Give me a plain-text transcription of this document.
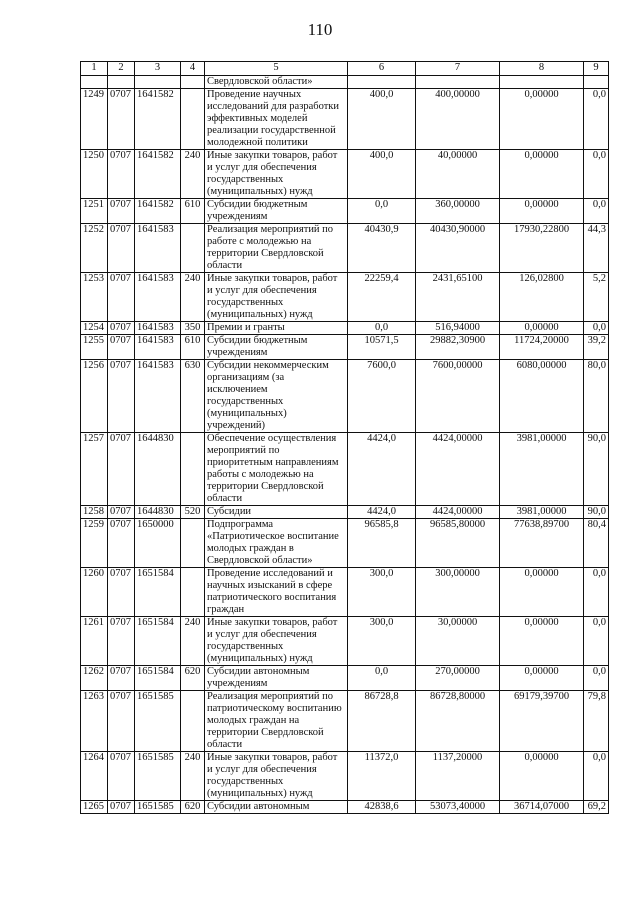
110
1	2	3	4	5	6	7	8	9
				Свердловской области»				
1249	0707	1641582		Проведение научных исследований для разработки эффективных моделей реализации государственной молодежной политики	400,0	400,00000	0,00000	0,0
1250	0707	1641582	240	Иные закупки товаров, работ и услуг для обеспечения государственных (муниципальных) нужд	400,0	40,00000	0,00000	0,0
1251	0707	1641582	610	Субсидии бюджетным учреждениям	0,0	360,00000	0,00000	0,0
1252	0707	1641583		Реализация мероприятий по работе с молодежью на территории Свердловской области	40430,9	40430,90000	17930,22800	44,3
1253	0707	1641583	240	Иные закупки товаров, работ и услуг для обеспечения государственных (муниципальных) нужд	22259,4	2431,65100	126,02800	5,2
1254	0707	1641583	350	Премии и гранты	0,0	516,94000	0,00000	0,0
1255	0707	1641583	610	Субсидии бюджетным учреждениям	10571,5	29882,30900	11724,20000	39,2
1256	0707	1641583	630	Субсидии некоммерческим организациям (за исключением государственных (муниципальных) учреждений)	7600,0	7600,00000	6080,00000	80,0
1257	0707	1644830		Обеспечение осуществления мероприятий по приоритетным направлениям работы с молодежью на территории Свердловской области	4424,0	4424,00000	3981,00000	90,0
1258	0707	1644830	520	Субсидии	4424,0	4424,00000	3981,00000	90,0
1259	0707	1650000		Подпрограмма «Патриотическое воспитание молодых граждан в Свердловской области»	96585,8	96585,80000	77638,89700	80,4
1260	0707	1651584		Проведение исследований и научных изысканий в сфере патриотического воспитания граждан	300,0	300,00000	0,00000	0,0
1261	0707	1651584	240	Иные закупки товаров, работ и услуг для обеспечения государственных (муниципальных) нужд	300,0	30,00000	0,00000	0,0
1262	0707	1651584	620	Субсидии автономным учреждениям	0,0	270,00000	0,00000	0,0
1263	0707	1651585		Реализация мероприятий по патриотическому воспитанию молодых граждан на территории Свердловской области	86728,8	86728,80000	69179,39700	79,8
1264	0707	1651585	240	Иные закупки товаров, работ и услуг для обеспечения государственных (муниципальных) нужд	11372,0	1137,20000	0,00000	0,0
1265	0707	1651585	620	Субсидии автономным	42838,6	53073,40000	36714,07000	69,2
